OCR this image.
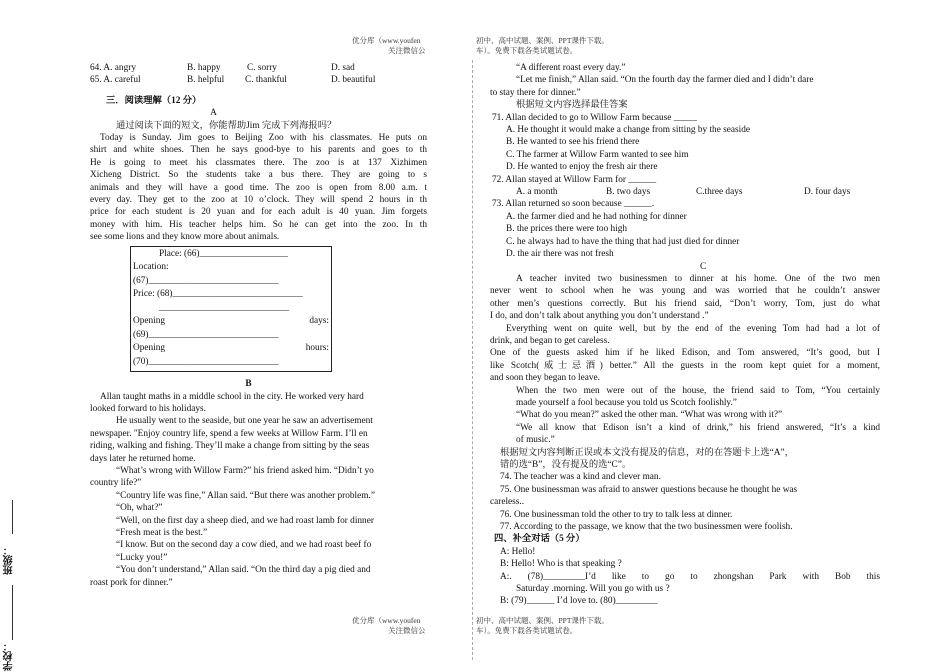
优分库（www.youfen
关注微信公
初中、高中试题、案例、PPT课件下载。
车）。免费下载各类试题试卷。
优分库（www.youfen
关注微信公
初中、高中试题、案例、PPT课件下载。
车）。免费下载各类试题试卷。
班级：
学校：
64. A. angry	B. happy	C. sorry	D. sad
65. A. careful	B. helpful	C. thankful	D. beautiful
三．阅读理解（12 分）
A
通过阅读下面的短文，你能帮助Jim 完成下列海报吗？
Today is Sunday. Jim goes to Beijing Zoo with his classmates. He puts on
shirt and white shoes. Then he says good-bye to his parents and goes to th
He is going to meet his classmates there. The zoo is at 137 Xizhimen
Xicheng District. So the students take a bus there. They are going to s
animals and they will have a good time. The zoo is open from 8.00 a.m. t
every day. They get to the zoo at 10 o’clock. They will spend 2 hours in th
price for each student is 20 yuan and for each adult is 40 yuan. Jim forgets
money with him. His teacher helps him. So he can get into the zoo. In th
see some lions and they know more about animals.
Place: (66)___________________
Location:
(67)____________________________
Price: (68)____________________________
____________________________
Opening	days:
(69)____________________________
Opening	hours:
(70)____________________________
B
Allan taught maths in a middle school in the city. He worked very hard
looked forward to his holidays.
He usually went to the seaside, but one year he saw an advertisement
newspaper. "Enjoy country life, spend a few weeks at Willow Farm. I’ll en
riding, walking and fishing. They’ll make a change from sitting by the seas
days later he returned home.
“What’s wrong with Willow Farm?” his friend asked him. “Didn’t yo
country life?”
“Country life was fine,” Allan said. “But there was another problem.”
“Oh, what?”
“Well, on the first day a sheep died, and we had roast lamb for dinner
“Fresh meat is the best.”
“I know. But on the second day a cow died, and we had roast beef fo
“Lucky you!”
“You don’t understand,” Allan said. “On the third day a pig died and
roast pork for dinner.”
“A different roast every day.”
“Let me finish,” Allan said. “On the fourth day the farmer died and I didn’t dare
to stay there for dinner.”
根据短文内容选择最佳答案
71. Allan decided to go to Willow Farm because _____
A. He thought it would make a change from sitting by the seaside
B. He wanted to see his friend there
C. The farmer at Willow Farm wanted to see him
D. He wanted to enjoy the fresh air there
72. Allan stayed at Willow Farm for ______
A. a month	B. two days	C.three days	D. four days
73. Allan returned so soon because ______.
A. the farmer died and he had nothing for dinner
B. the prices there were too high
C. he always had to have the thing that had just died for dinner
D. the air there was not fresh
C
A teacher invited two businessmen to dinner at his home. One of the two men
never went to school when he was young and was worried that he couldn’t answer
other men’s questions correctly. But his friend said, “Don’t worry, Tom, just do what
I do, and don’t talk about anything you don’t understand .”
Everything went on quite well, but by the end of the evening Tom had had a lot of
drink, and began to get careless.
One of the guests asked him if he liked Edison, and Tom answered, “It’s good, but I
like Scotch(威士忌酒) better.” All the guests in the room kept quiet for a moment,
and soon they began to leave.
When the two men were out of the house, the friend said to Tom, “You certainly
made yourself a fool because you told us Scotch foolishly.”
“What do you mean?” asked the other man. “What was wrong with it?”
“We all know that Edison isn’t a kind of drink,” his friend answered, “It’s a kind
of music.”
根据短文内容判断正误或本文没有提及的信息，对的在答题卡上选“A”，
错的选“B”，没有提及的选“C”。
74. The teacher was a kind and clever man.
75. One businessman was afraid to answer questions because he thought he was
careless..
76. One businessman told the other to try to talk less at dinner.
77. According to the passage, we know that the two businessmen were foolish.
四、补全对话（5 分）
A: Hello!
B: Hello! Who is that speaking ?
A:. (78)_________I’d like to go to zhongshan Park with Bob this
Saturday .morning. Will you go with us ?
B: (79)______ I’d love to. (80)_________
